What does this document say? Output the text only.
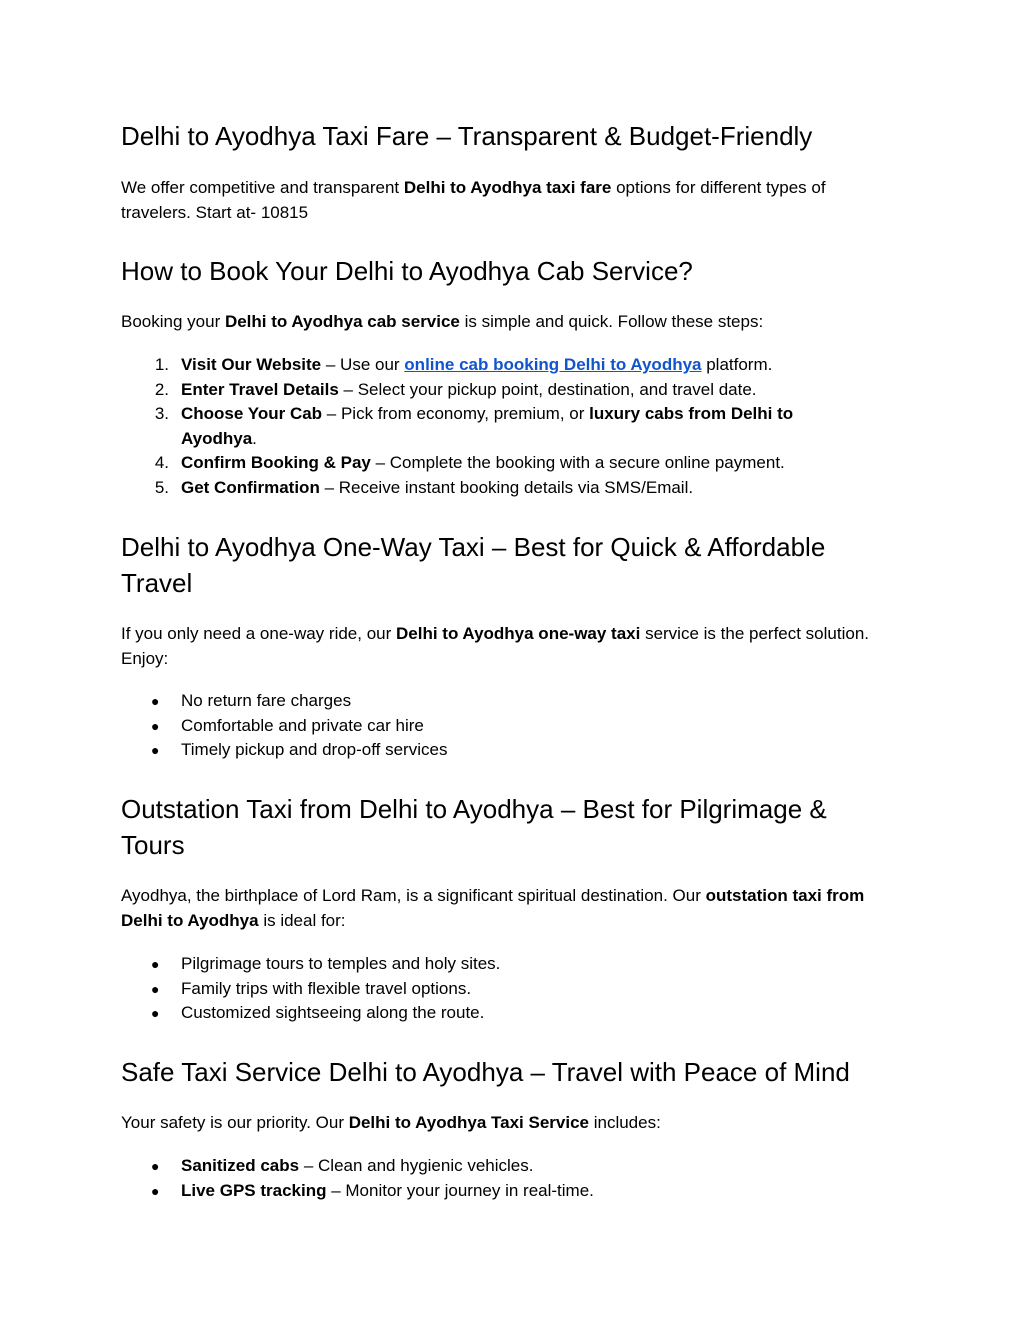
Delhi to Ayodhya Taxi Fare – Transparent & Budget-Friendly

We offer competitive and transparent Delhi to Ayodhya taxi fare options for different types of travelers. Start at- 10815

How to Book Your Delhi to Ayodhya Cab Service?

Booking your Delhi to Ayodhya cab service is simple and quick. Follow these steps:

1. Visit Our Website – Use our online cab booking Delhi to Ayodhya platform.
2. Enter Travel Details – Select your pickup point, destination, and travel date.
3. Choose Your Cab – Pick from economy, premium, or luxury cabs from Delhi to Ayodhya.
4. Confirm Booking & Pay – Complete the booking with a secure online payment.
5. Get Confirmation – Receive instant booking details via SMS/Email.
Delhi to Ayodhya One-Way Taxi – Best for Quick & Affordable Travel

If you only need a one-way ride, our Delhi to Ayodhya one-way taxi service is the perfect solution. Enjoy:

● No return fare charges
● Comfortable and private car hire
● Timely pickup and drop-off services
Outstation Taxi from Delhi to Ayodhya – Best for Pilgrimage & Tours

Ayodhya, the birthplace of Lord Ram, is a significant spiritual destination. Our outstation taxi from Delhi to Ayodhya is ideal for:

● Pilgrimage tours to temples and holy sites.
● Family trips with flexible travel options.
● Customized sightseeing along the route.
Safe Taxi Service Delhi to Ayodhya – Travel with Peace of Mind

Your safety is our priority. Our Delhi to Ayodhya Taxi Service includes:

● Sanitized cabs – Clean and hygienic vehicles.
● Live GPS tracking – Monitor your journey in real-time.
